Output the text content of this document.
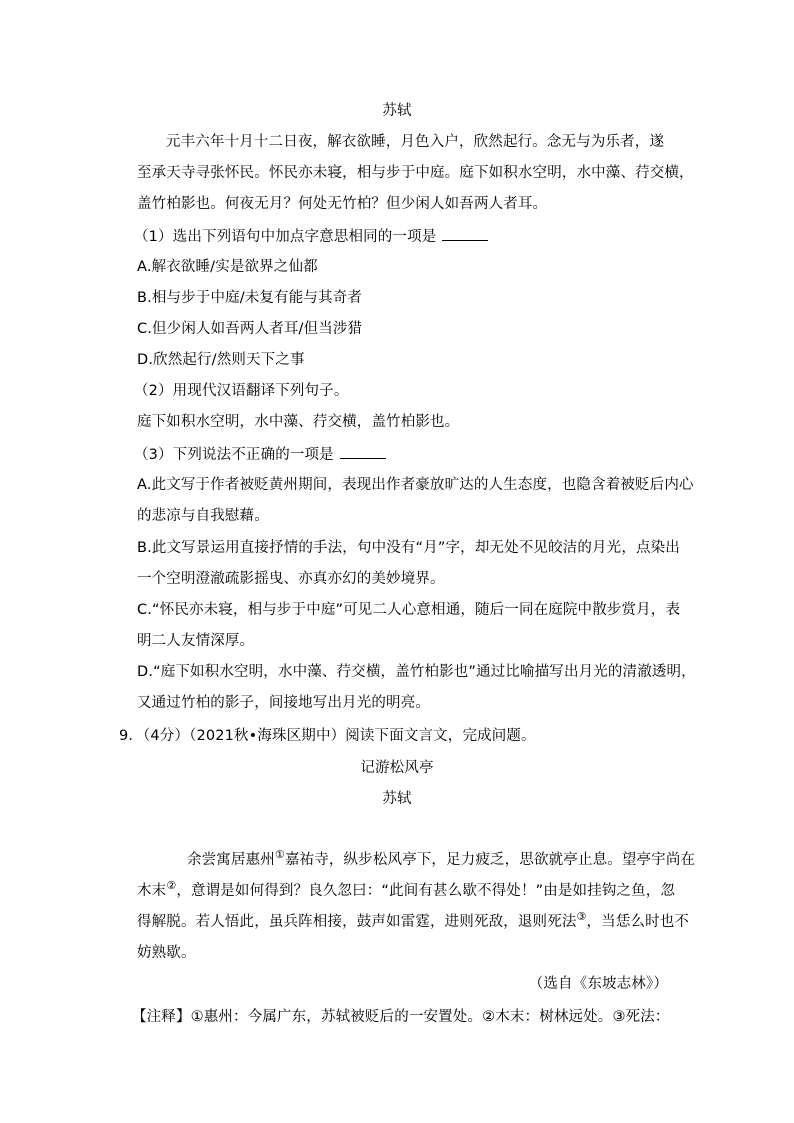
苏轼
元丰六年十月十二日夜，解衣欲睡，月色入户，欣然起行。念无与为乐者，遂
至承天寺寻张怀民。怀民亦未寝，相与步于中庭。庭下如积水空明，水中藻、荇交横，
盖竹柏影也。何夜无月？何处无竹柏？但少闲人如吾两人者耳。
（1）选出下列语句中加点字意思相同的一项是
A.解衣欲睡/实是欲界之仙都
B.相与步于中庭/未复有能与其奇者
C.但少闲人如吾两人者耳/但当涉猎
D.欣然起行/然则天下之事
（2）用现代汉语翻译下列句子。
庭下如积水空明，水中藻、荇交横，盖竹柏影也。
（3）下列说法不正确的一项是
A.此文写于作者被贬黄州期间，表现出作者豪放旷达的人生态度，也隐含着被贬后内心
的悲凉与自我慰藉。
B.此文写景运用直接抒情的手法，句中没有“月”字，却无处不见皎洁的月光，点染出
一个空明澄澈疏影摇曳、亦真亦幻的美妙境界。
C.“怀民亦未寝，相与步于中庭”可见二人心意相通，随后一同在庭院中散步赏月，表
明二人友情深厚。
D.“庭下如积水空明，水中藻、荇交横，盖竹柏影也”通过比喻描写出月光的清澈透明，
又通过竹柏的影子，间接地写出月光的明亮。
9．（4分）（2021秋•海珠区期中）阅读下面文言文，完成问题。
记游松风亭
苏轼
余尝寓居惠州①嘉祐寺，纵步松风亭下，足力疲乏，思欲就亭止息。望亭宇尚在
木末②，意谓是如何得到？良久忽曰：“此间有甚么歇不得处！”由是如挂钩之鱼，忽
得解脱。若人悟此，虽兵阵相接，鼓声如雷霆，进则死敌，退则死法③，当恁么时也不
妨熟歇。
（选自《东坡志林》）
【注释】①惠州：今属广东，苏轼被贬后的一安置处。②木末：树林远处。③死法：
